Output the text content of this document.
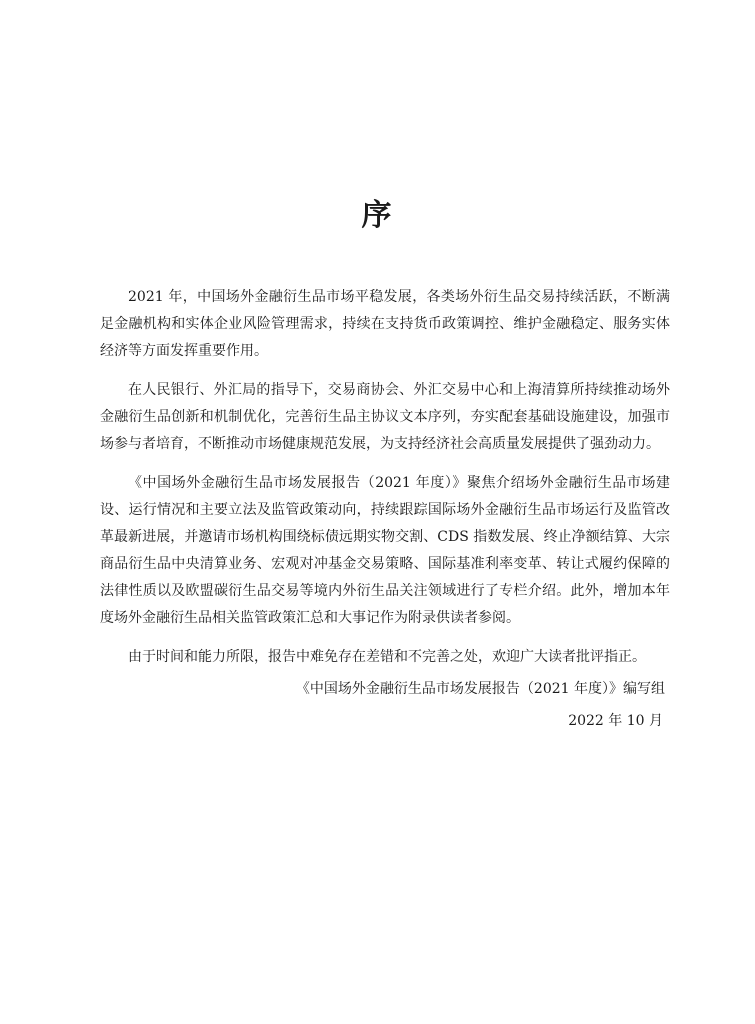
序

2021 年，中国场外金融衍生品市场平稳发展，各类场外衍生品交易持续活跃，不断满足金融机构和实体企业风险管理需求，持续在支持货币政策调控、维护金融稳定、服务实体经济等方面发挥重要作用。

在人民银行、外汇局的指导下，交易商协会、外汇交易中心和上海清算所持续推动场外金融衍生品创新和机制优化，完善衍生品主协议文本序列，夯实配套基础设施建设，加强市场参与者培育，不断推动市场健康规范发展，为支持经济社会高质量发展提供了强劲动力。

《中国场外金融衍生品市场发展报告（2021 年度）》聚焦介绍场外金融衍生品市场建设、运行情况和主要立法及监管政策动向，持续跟踪国际场外金融衍生品市场运行及监管改革最新进展，并邀请市场机构围绕标债远期实物交割、CDS 指数发展、终止净额结算、大宗商品衍生品中央清算业务、宏观对冲基金交易策略、国际基准利率变革、转让式履约保障的法律性质以及欧盟碳衍生品交易等境内外衍生品关注领域进行了专栏介绍。此外，增加本年度场外金融衍生品相关监管政策汇总和大事记作为附录供读者参阅。

由于时间和能力所限，报告中难免存在差错和不完善之处，欢迎广大读者批评指正。

《中国场外金融衍生品市场发展报告（2021 年度）》编写组
2022 年 10 月
